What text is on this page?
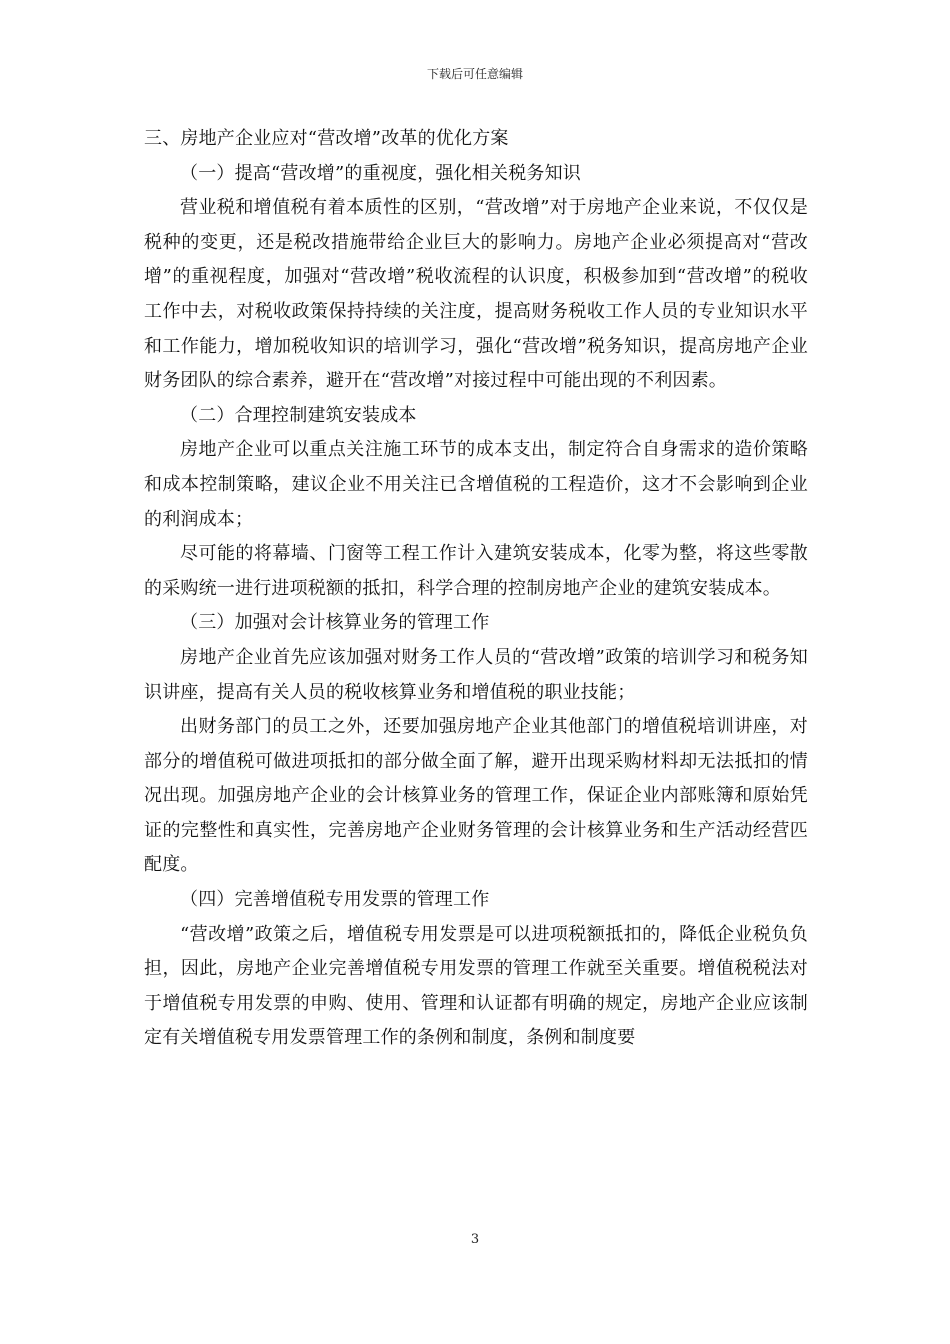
下载后可任意编辑

三、房地产企业应对“营改增”改革的优化方案

（一）提高“营改增”的重视度，强化相关税务知识

营业税和增值税有着本质性的区别，“营改增”对于房地产企业来说，不仅仅是税种的变更，还是税改措施带给企业巨大的影响力。房地产企业必须提高对“营改增”的重视程度，加强对“营改增”税收流程的认识度，积极参加到“营改增”的税收工作中去，对税收政策保持持续的关注度，提高财务税收工作人员的专业知识水平和工作能力，增加税收知识的培训学习，强化“营改增”税务知识，提高房地产企业财务团队的综合素养，避开在“营改增”对接过程中可能出现的不利因素。

（二）合理控制建筑安装成本

房地产企业可以重点关注施工环节的成本支出，制定符合自身需求的造价策略和成本控制策略，建议企业不用关注已含增值税的工程造价，这才不会影响到企业的利润成本；

尽可能的将幕墙、门窗等工程工作计入建筑安装成本，化零为整，将这些零散的采购统一进行进项税额的抵扣，科学合理的控制房地产企业的建筑安装成本。

（三）加强对会计核算业务的管理工作

房地产企业首先应该加强对财务工作人员的“营改增”政策的培训学习和税务知识讲座，提高有关人员的税收核算业务和增值税的职业技能；

出财务部门的员工之外，还要加强房地产企业其他部门的增值税培训讲座，对部分的增值税可做进项抵扣的部分做全面了解，避开出现采购材料却无法抵扣的情况出现。加强房地产企业的会计核算业务的管理工作，保证企业内部账簿和原始凭证的完整性和真实性，完善房地产企业财务管理的会计核算业务和生产活动经营匹配度。

（四）完善增值税专用发票的管理工作

“营改增”政策之后，增值税专用发票是可以进项税额抵扣的，降低企业税负负担，因此，房地产企业完善增值税专用发票的管理工作就至关重要。增值税税法对于增值税专用发票的申购、使用、管理和认证都有明确的规定，房地产企业应该制定有关增值税专用发票管理工作的条例和制度，条例和制度要

3
